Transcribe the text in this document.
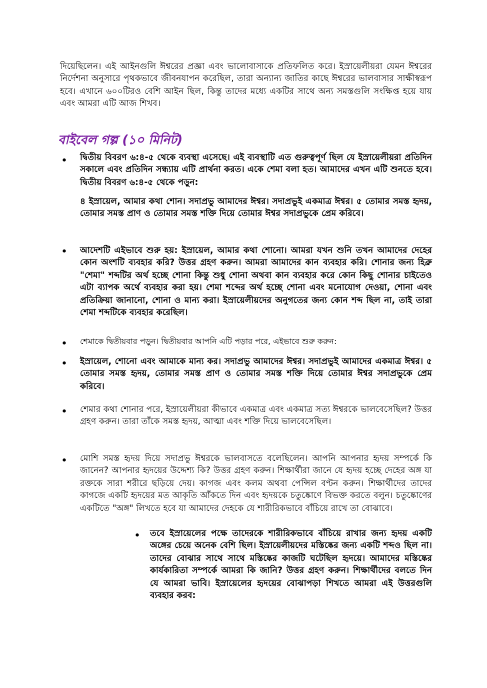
দিয়েছিলেন। এই আইনগুলি ঈশ্বরের প্রজ্ঞা এবং ভালোবাসাকে প্রতিফলিত করে। ইস্রায়েলীয়রা যেমন ঈশ্বরের নির্দেশনা অনুসারে পৃথকভাবে জীবনযাপন করেছিল, তারা অন্যান্য জাতির কাছে ঈশ্বরের ভালবাসার সাক্ষীস্বরূপ হবে। এখানে ৬০০টিরও বেশি আইন ছিল, কিন্তু তাদের মধ্যে একটির সাথে অন্য সমস্তগুলি সংক্ষিপ্ত হয়ে যায় এবং আমরা এটি আজ শিখব।

বাইবেল গল্প (১০ মিনিট)
• দ্বিতীয় বিবরণ ৬:৪-৫ থেকে ব্যবস্থা এসেছে। এই ব্যবস্থাটি এত গুরুত্বপূর্ণ ছিল যে ইস্রায়েলীয়রা প্রতিদিন সকালে এবং প্রতিদিন সন্ধ্যায় এটি প্রার্থনা করত। একে শেমা বলা হত। আমাদের এখন এটি শুনতে হবে। দ্বিতীয় বিবরণ ৬:৪-৫ থেকে পড়ুন:

৪ ইস্রায়েল, আমার কথা শোন। সদাপ্রভু আমাদের ঈশ্বর। সদাপ্রভুই একমাত্র ঈশ্বর। ৫ তোমার সমস্ত হৃদয়, তোমার সমস্ত প্রাণ ও তোমার সমস্ত শক্তি দিয়ে তোমার ঈশ্বর সদাপ্রভুকে প্রেম করিবে।

• আদেশটি এইভাবে শুরু হয়: ইস্রায়েল, আমার কথা শোনো। আমরা যখন শুনি তখন আমাদের দেহের কোন অংশটি ব্যবহার করি? উত্তর গ্রহণ করুন। আমরা আমাদের কান ব্যবহার করি। শোনার জন্য হিব্রু "শেমা" শব্দটির অর্থ হচ্ছে শোনা কিন্তু শুধু শোনা অথবা কান ব্যবহার করে কোন কিছু শোনার চাইতেও এটা ব্যাপক অর্থে ব্যবহার করা হয়। শেমা শব্দের অর্থ হচ্ছে শোনা এবং মনোযোগ দেওয়া, শোনা এবং প্রতিক্রিয়া জানানো, শোনা ও মান্য করা। ইস্রায়েলীয়দের অনুগতের জন্য কোন শব্দ ছিল না, তাই তারা শেমা শব্দটিকে ব্যবহার করেছিল।

• শেমাকে দ্বিতীয়বার পড়ুন। দ্বিতীয়বার আপনি এটি পড়ার পরে, এইভাবে শুরু করুন:

• ইস্রায়েল, শোনো এবং আমাকে মান্য কর। সদাপ্রভু আমাদের ঈশ্বর। সদাপ্রভুই আমাদের একমাত্র ঈশ্বর। ৫ তোমার সমস্ত হৃদয়, তোমার সমস্ত প্রাণ ও তোমার সমস্ত শক্তি দিয়ে তোমার ঈশ্বর সদাপ্রভুকে প্রেম করিবে।

• শেমার কথা শোনার পরে, ইস্রায়েলীয়রা কীভাবে একমাত্র এবং একমাত্র সত্য ঈশ্বরকে ভালবেসেছিল? উত্তর গ্রহণ করুন। তারা তাঁকে সমস্ত হৃদয়, আত্মা এবং শক্তি দিয়ে ভালবেসেছিল।

• মোশি সমস্ত হৃদয় দিয়ে সদাপ্রভু ঈশ্বরকে ভালবাসতে বলেছিলেন। আপনি আপনার হৃদয় সম্পর্কে কি জানেন? আপনার হৃদয়ের উদ্দেশ্য কি? উত্তর গ্রহণ করুন। শিক্ষার্থীরা জানে যে হৃদয় হচ্ছে দেহের অঙ্গ যা রক্তকে সারা শরীরে ছড়িয়ে দেয়। কাগজ এবং কলম অথবা পেন্সিল বণ্টন করুন। শিক্ষার্থীদের তাদের কাগজে একটি হৃদয়ের মত আকৃতি আঁকতে দিন এবং হৃদয়কে চতুষ্কোণে বিভক্ত করতে বলুন। চতুষ্কোণের একটিতে "অঙ্গ" লিখতে হবে যা আমাদের দেহকে যে শারীরিকভাবে বাঁচিয়ে রাখে তা বোঝাবে।

• তবে ইস্রায়েলের পক্ষে তাদেরকে শারীরিকভাবে বাঁচিয়ে রাখার জন্য হৃদয় একটি অঙ্গের চেয়ে অনেক বেশি ছিল। ইস্রায়েলীয়দের মস্তিষ্কের জন্য একটি শব্দও ছিল না। তাদের বোঝার সাথে সাথে মস্তিষ্কের কাজটি ঘটেছিল হৃদয়ে। আমাদের মস্তিষ্কের কার্যকারিতা সম্পর্কে আমরা কি জানি? উত্তর গ্রহণ করুন। শিক্ষার্থীদের বলতে দিন যে আমরা ভাবি। ইস্রায়েলের হৃদয়ের বোঝাপড়া শিখতে আমরা এই উত্তরগুলি ব্যবহার করব:
